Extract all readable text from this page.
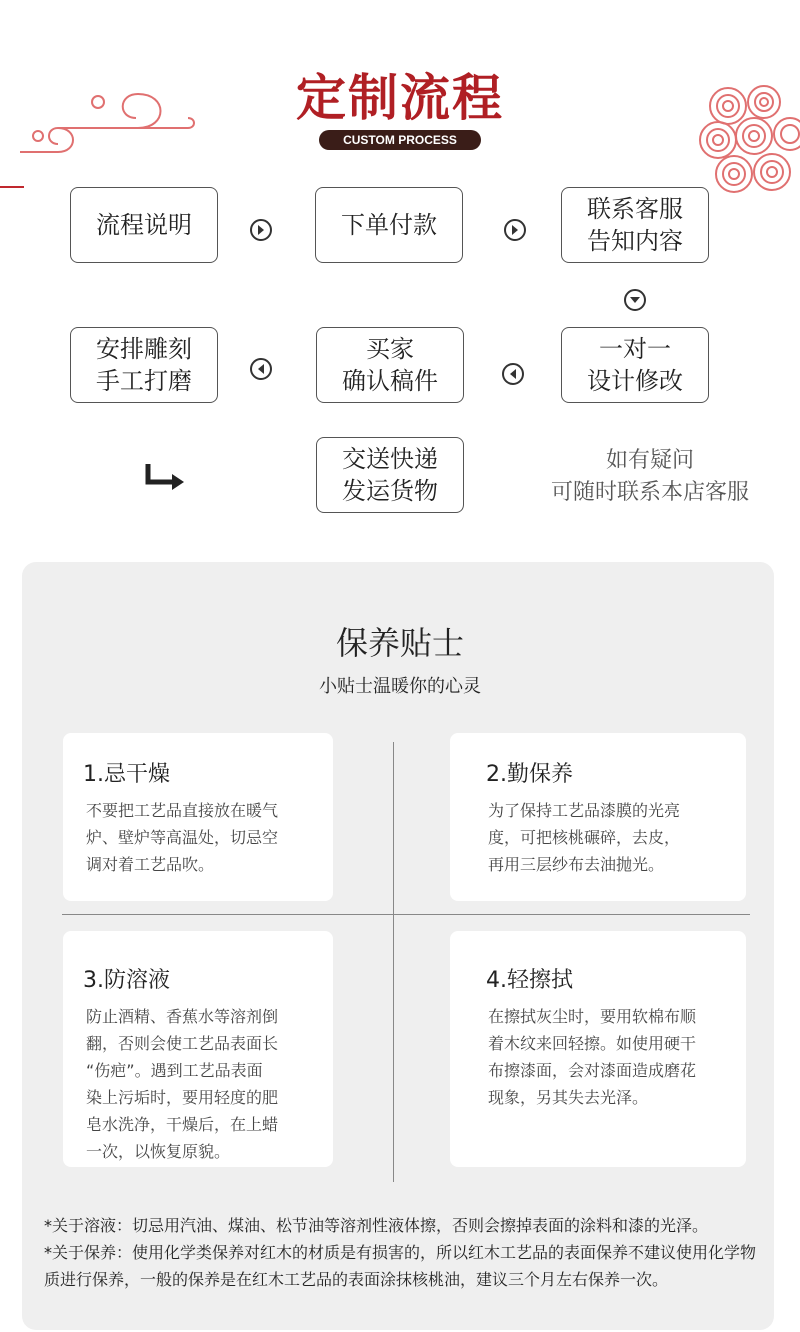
定制流程
CUSTOM PROCESS
流程说明	下单付款
联系客服
告知内容
安排雕刻
手工打磨
买家
确认稿件
一对一
设计修改
交送快递
发运货物
如有疑问
可随时联系本店客服
保养贴士
小贴士温暖你的心灵
1.忌干燥
不要把工艺品直接放在暖气
炉、壁炉等高温处，切忌空
调对着工艺品吹。
2.勤保养
为了保持工艺品漆膜的光亮
度，可把核桃碾碎，去皮，
再用三层纱布去油抛光。
3.防溶液
防止酒精、香蕉水等溶剂倒
翻，否则会使工艺品表面长
“伤疤”。遇到工艺品表面
染上污垢时，要用轻度的肥
皂水洗净，干燥后，在上蜡
一次，以恢复原貌。
4.轻擦拭
在擦拭灰尘时，要用软棉布顺
着木纹来回轻擦。如使用硬干
布擦漆面，会对漆面造成磨花
现象，另其失去光泽。
*关于溶液：切忌用汽油、煤油、松节油等溶剂性液体擦，否则会擦掉表面的涂料和漆的光泽。
*关于保养：使用化学类保养对红木的材质是有损害的，所以红木工艺品的表面保养不建议使用化学物质进行保养，一般的保养是在红木工艺品的表面涂抹核桃油，建议三个月左右保养一次。
